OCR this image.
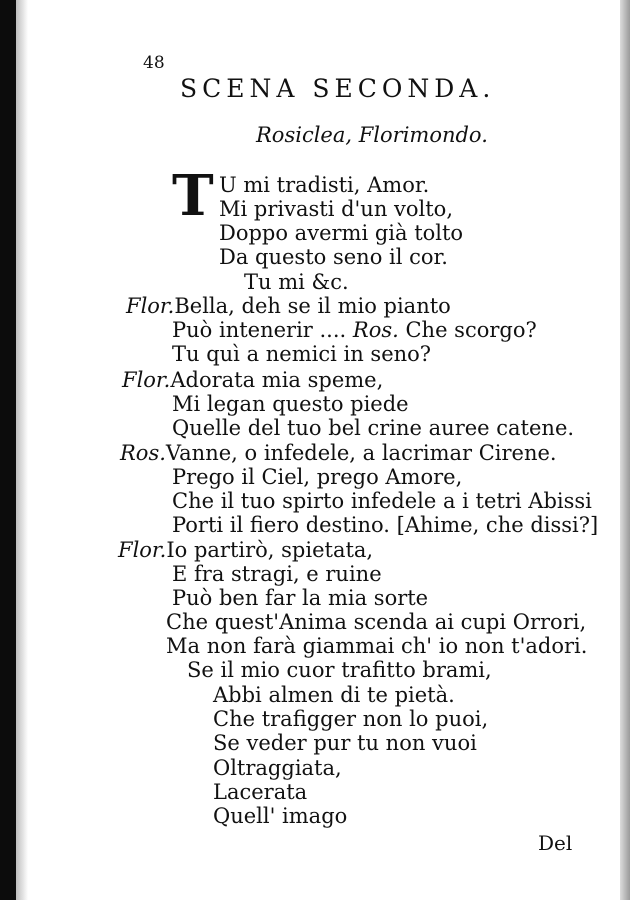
48
SCENA SECONDA.
Rosiclea, Florimondo.
T U mi tradisti, Amor.
Mi privasti d'un volto,
Doppo avermi già tolto
Da questo seno il cor.
Tu mi &c.
Flor.Bella, deh se il mio pianto
Può intenerir .... Ros. Che scorgo?
Tu quì a nemici in seno?
Flor.Adorata mia speme,
Mi legan questo piede
Quelle del tuo bel crine auree catene.
Ros.Vanne, o infedele, a lacrimar Cirene.
Prego il Ciel, prego Amore,
Che il tuo spirto infedele a i tetri Abissi
Porti il fiero destino. [Ahime, che dissi?]
Flor.Io partirò, spietata,
E fra stragi, e ruine
Può ben far la mia sorte
Che quest'Anima scenda ai cupi Orrori,
Ma non farà giammai ch' io non t'adori.
Se il mio cuor trafitto brami,
Abbi almen di te pietà.
Che trafigger non lo puoi,
Se veder pur tu non vuoi
Oltraggiata,
Lacerata
Quell' imago
Del
